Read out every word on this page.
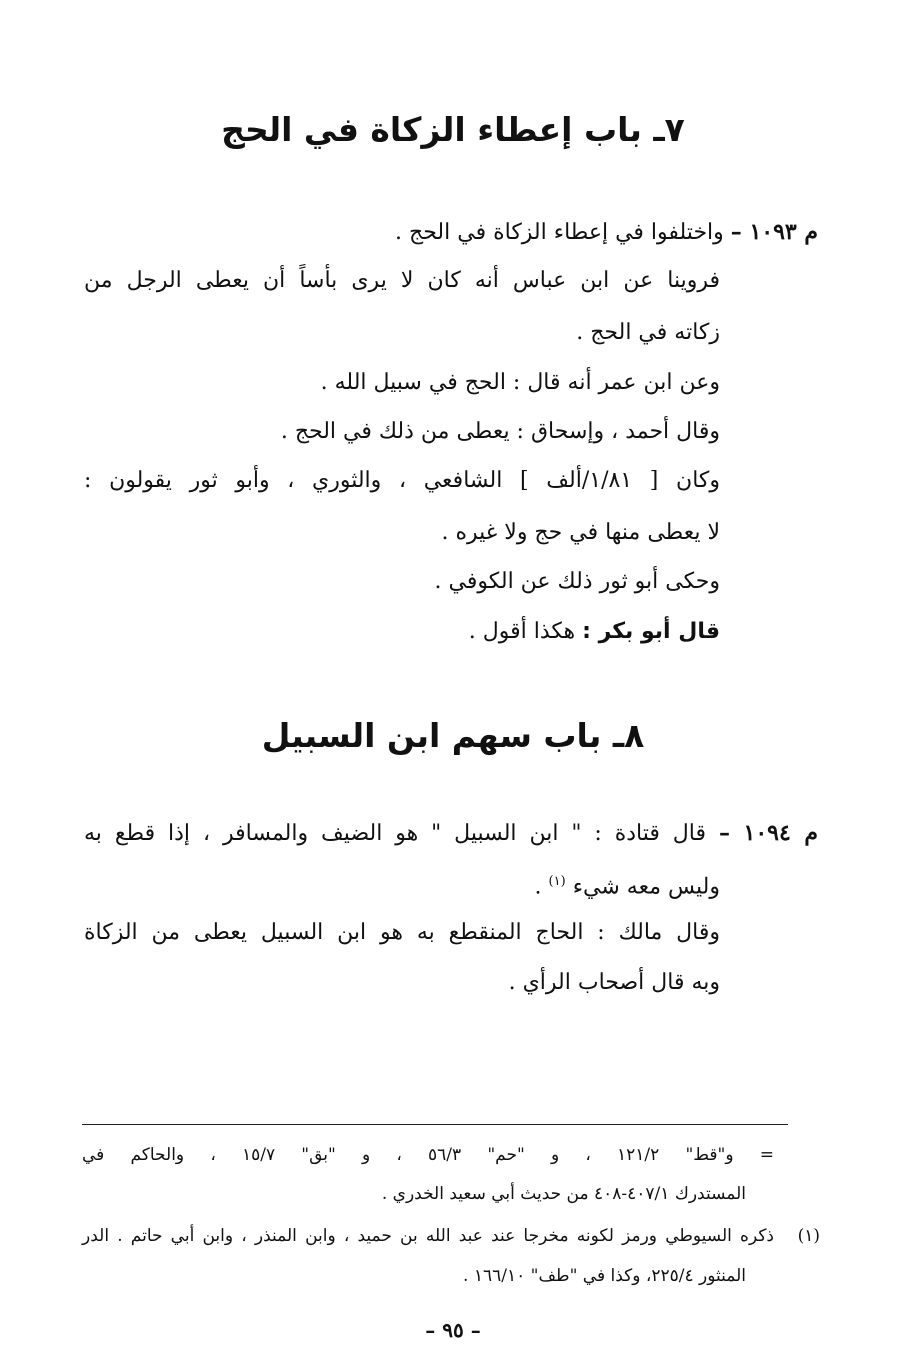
٧ـ باب إعطاء الزكاة في الحج
م ١٠٩٣ – واختلفوا في إعطاء الزكاة في الحج .
فروينا عن ابن عباس أنه كان لا يرى بأساً أن يعطى الرجل من
زكاته في الحج .
وعن ابن عمر أنه قال : الحج في سبيل الله .
وقال أحمد ، وإسحاق : يعطى من ذلك في الحج .
وكان [ ١/٨١/ألف ] الشافعي ، والثوري ، وأبو ثور يقولون :
لا يعطى منها في حج ولا غيره .
وحكى أبو ثور ذلك عن الكوفي .
قال أبو بكر : هكذا أقول .
٨ـ باب سهم ابن السبيل
م ١٠٩٤ – قال قتادة : " ابن السبيل " هو الضيف والمسافر ، إذا قطع به
وليس معه شيء $^{(١)}$ .
وقال مالك : الحاج المنقطع به هو ابن السبيل يعطى من الزكاة
وبه قال أصحاب الرأي .
= و"قط" ١٢١/٢ ، و "حم" ٥٦/٣ ، و "بق" ١٥/٧ ، والحاكم في
المستدرك ٤٠٧/١-٤٠٨ من حديث أبي سعيد الخدري .
(١)
ذكره السيوطي ورمز لكونه مخرجا عند عبد الله بن حميد ، وابن المنذر ، وابن أبي حاتم . الدر
المنثور ٢٢٥/٤، وكذا في "طف" ١٦٦/١٠ .
– ٩٥ –
